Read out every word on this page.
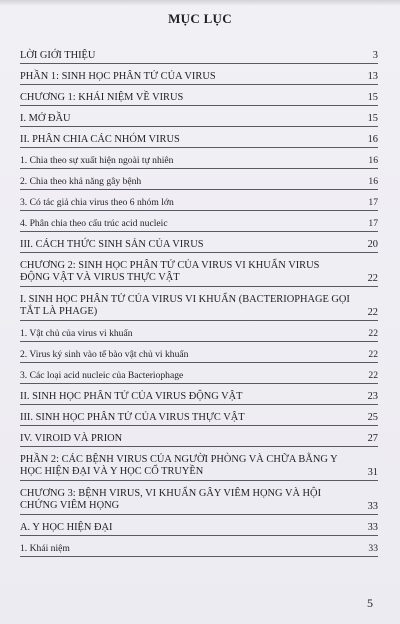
MỤC LỤC
LỜI GIỚI THIỆU	3
PHẦN 1: SINH HỌC PHÂN TỬ CỦA VIRUS	13
CHƯƠNG 1: KHÁI NIỆM VỀ VIRUS	15
I. MỞ ĐẦU	15
II. PHÂN CHIA CÁC NHÓM VIRUS	16
1. Chia theo sự xuất hiện ngoài tự nhiên	16
2. Chia theo khả năng gây bệnh	16
3. Có tác giả chia virus theo 6 nhóm lớn	17
4. Phân chia theo cấu trúc acid nucleic	17
III. CÁCH THỨC SINH SẢN CỦA VIRUS	20
CHƯƠNG 2: SINH HỌC PHÂN TỬ CỦA VIRUS VI KHUẨN VIRUS ĐỘNG VẬT VÀ VIRUS THỰC VẬT	22
I. SINH HỌC PHÂN TỬ CỦA VIRUS VI KHUẨN (BACTERIOPHAGE GỌI TẮT LÀ PHAGE)	22
1. Vật chủ của virus vi khuẩn	22
2. Virus ký sinh vào tế bào vật chủ vi khuẩn	22
3. Các loại acid nucleic của Bacteriophage	22
II. SINH HỌC PHÂN TỬ CỦA VIRUS ĐỘNG VẬT	23
III. SINH HỌC PHÂN TỬ CỦA VIRUS THỰC VẬT	25
IV. VIROID VÀ PRION	27
PHẦN 2: CÁC BỆNH VIRUS CỦA NGƯỜI PHÒNG VÀ CHỮA BẰNG Y HỌC HIỆN ĐẠI VÀ Y HỌC CỔ TRUYỀN	31
CHƯƠNG 3: BỆNH VIRUS, VI KHUẨN GÂY VIÊM HỌNG VÀ HỘI CHỨNG VIÊM HỌNG	33
A. Y HỌC HIỆN ĐẠI	33
1. Khái niệm	33
5
